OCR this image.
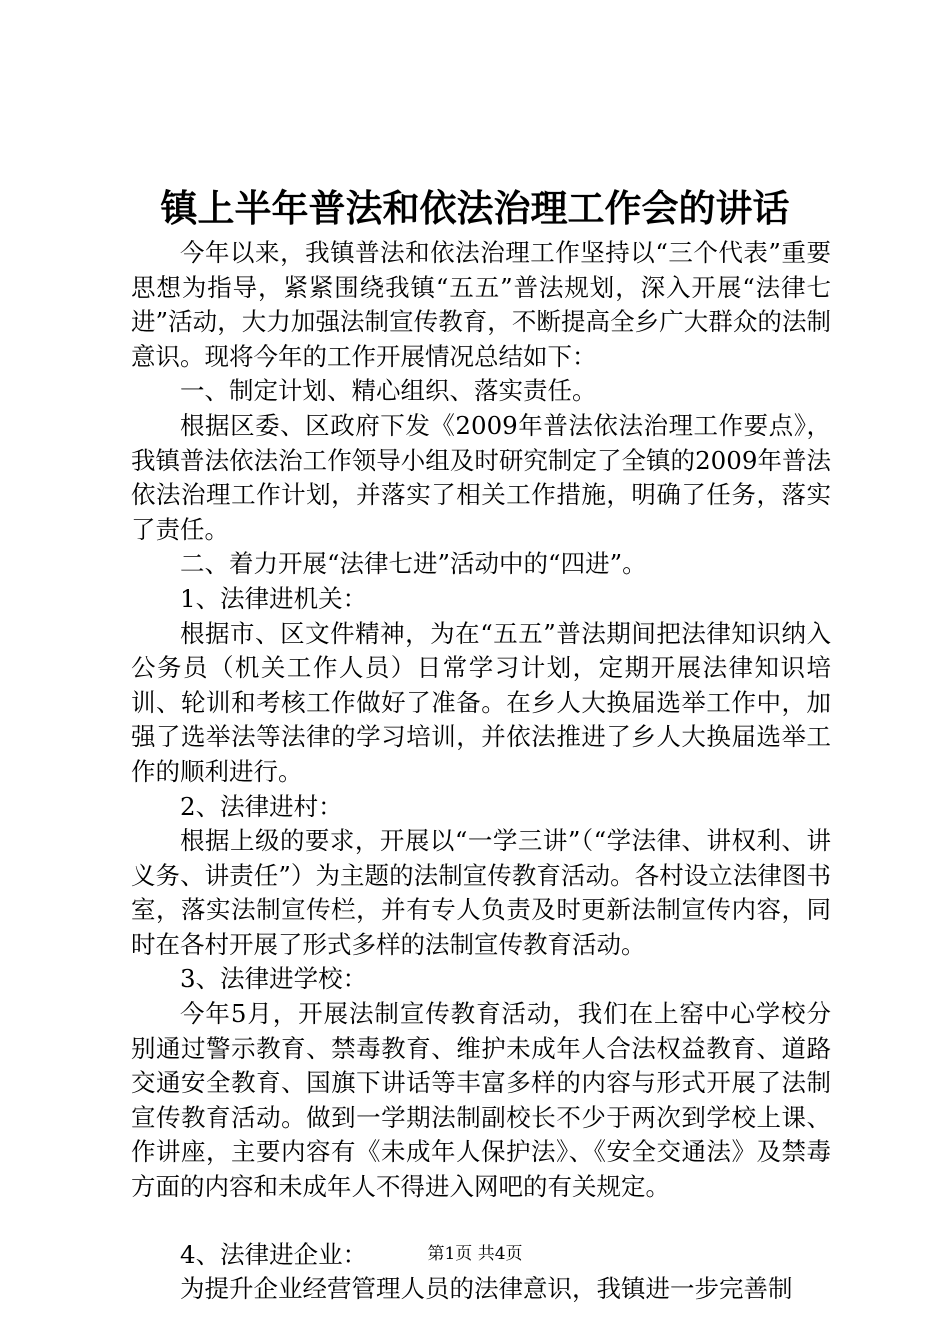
镇上半年普法和依法治理工作会的讲话

今年以来，我镇普法和依法治理工作坚持以“三个代表”重要思想为指导，紧紧围绕我镇“五五”普法规划，深入开展“法律七进”活动，大力加强法制宣传教育，不断提高全乡广大群众的法制意识。现将今年的工作开展情况总结如下：

一、制定计划、精心组织、落实责任。

根据区委、区政府下发《2009年普法依法治理工作要点》，我镇普法依法治工作领导小组及时研究制定了全镇的2009年普法依法治理工作计划，并落实了相关工作措施，明确了任务，落实了责任。

二、着力开展“法律七进”活动中的“四进”。

1、法律进机关：

根据市、区文件精神，为在“五五”普法期间把法律知识纳入公务员（机关工作人员）日常学习计划，定期开展法律知识培训、轮训和考核工作做好了准备。在乡人大换届选举工作中，加强了选举法等法律的学习培训，并依法推进了乡人大换届选举工作的顺利进行。

2、法律进村：

根据上级的要求，开展以“一学三讲”（“学法律、讲权利、讲义务、讲责任”）为主题的法制宣传教育活动。各村设立法律图书室，落实法制宣传栏，并有专人负责及时更新法制宣传内容，同时在各村开展了形式多样的法制宣传教育活动。

3、法律进学校：

今年5月，开展法制宣传教育活动，我们在上窑中心学校分别通过警示教育、禁毒教育、维护未成年人合法权益教育、道路交通安全教育、国旗下讲话等丰富多样的内容与形式开展了法制宣传教育活动。做到一学期法制副校长不少于两次到学校上课、作讲座，主要内容有《未成年人保护法》、《安全交通法》及禁毒方面的内容和未成年人不得进入网吧的有关规定。

4、法律进企业：

为提升企业经营管理人员的法律意识，我镇进一步完善制

第1页 共4页
